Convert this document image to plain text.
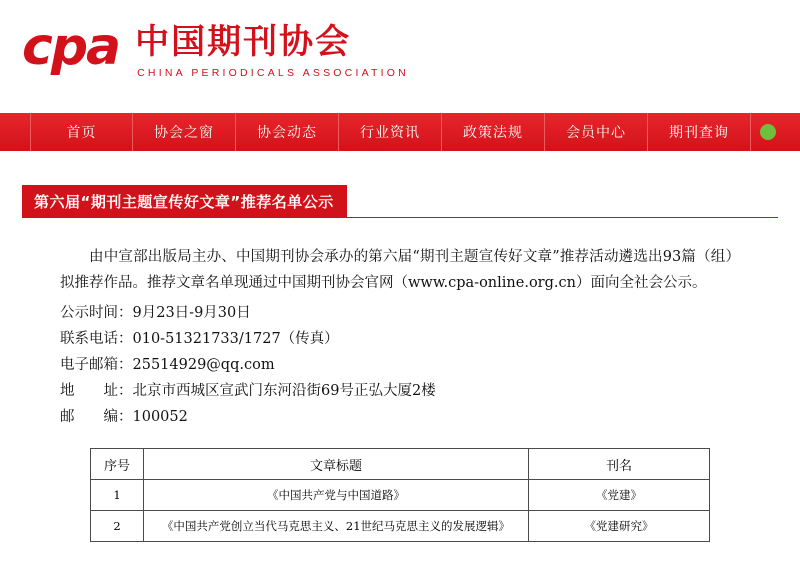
cpa 中国期刊协会
CHINA PERIODICALS ASSOCIATION
首页	协会之窗	协会动态	行业资讯	政策法规	会员中心	期刊查询
第六届“期刊主题宣传好文章”推荐名单公示

由中宣部出版局主办、中国期刊协会承办的第六届“期刊主题宣传好文章”推荐活动遴选出93篇（组）拟推荐作品。推荐文章名单现通过中国期刊协会官网（www.cpa-online.org.cn）面向全社会公示。

公示时间：9月23日-9月30日
联系电话：010-51321733/1727（传真）
电子邮箱：25514929@qq.com
地　　址：北京市西城区宣武门东河沿街69号正弘大厦2楼
邮　　编：100052
序号	文章标题	刊名
1	《中国共产党与中国道路》	《党建》
2	《中国共产党创立当代马克思主义、21世纪马克思主义的发展逻辑》	《党建研究》
